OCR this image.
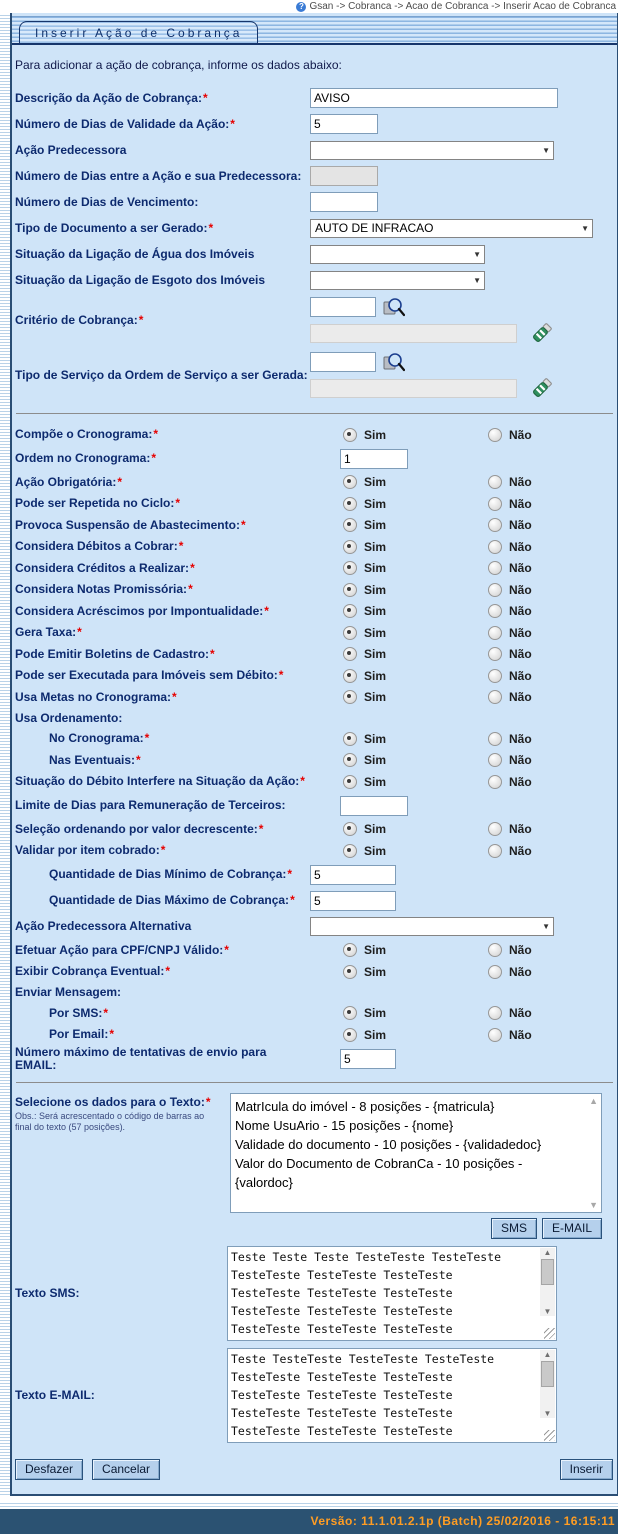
? Gsan -> Cobranca -> Acao de Cobranca -> Inserir Acao de Cobranca
Inserir Ação de Cobrança
Para adicionar a ação de cobrança, informe os dados abaixo:
Descrição da Ação de Cobrança:*
AVISO
Número de Dias de Validade da Ação:*
5
Ação Predecessora	▼
Número de Dias entre a Ação e sua Predecessora:
Número de Dias de Vencimento:
Tipo de Documento a ser Gerado:*	AUTO DE INFRACAO	▼
Situação da Ligação de Água dos Imóveis	▼
Situação da Ligação de Esgoto dos Imóveis	▼
Critério de Cobrança:*
Tipo de Serviço da Ordem de Serviço a ser Gerada:
Compõe o Cronograma:*	Sim	Não
Ordem no Cronograma:*
1
Ação Obrigatória:*	Sim	Não
Pode ser Repetida no Ciclo:*	Sim	Não
Provoca Suspensão de Abastecimento:*	Sim	Não
Considera Débitos a Cobrar:*	Sim	Não
Considera Créditos a Realizar:*	Sim	Não
Considera Notas Promissória:*	Sim	Não
Considera Acréscimos por Impontualidade:*	Sim	Não
Gera Taxa:*	Sim	Não
Pode Emitir Boletins de Cadastro:*	Sim	Não
Pode ser Executada para Imóveis sem Débito:*	Sim	Não
Usa Metas no Cronograma:*	Sim	Não
Usa Ordenamento:
No Cronograma:*	Sim	Não
Nas Eventuais:*	Sim	Não
Situação do Débito Interfere na Situação da Ação:*	Sim	Não
Limite de Dias para Remuneração de Terceiros:
Seleção ordenando por valor decrescente:*	Sim	Não
Validar por item cobrado:*	Sim	Não
Quantidade de Dias Mínimo de Cobrança:*
5
Quantidade de Dias Máximo de Cobrança:*
5
Ação Predecessora Alternativa	▼
Efetuar Ação para CPF/CNPJ Válido:*	Sim	Não
Exibir Cobrança Eventual:*	Sim	Não
Enviar Mensagem:
Por SMS:*	Sim	Não
Por Email:*	Sim	Não
Número máximo de tentativas de envio para EMAIL:
5
Selecione os dados para o Texto:*
Obs.: Será acrescentado o código de barras ao final do texto (57 posições).
MatrIcula do imóvel - 8 posições - {matricula}
Nome UsuArio - 15 posições - {nome}
Validade do documento - 10 posições - {validadedoc}
Valor do Documento de CobranCa - 10 posições - {valordoc}
▲
▼
SMS	E-MAIL
Texto SMS:
Teste Teste Teste TesteTeste TesteTeste TesteTeste TesteTeste TesteTeste TesteTeste TesteTeste TesteTeste TesteTeste TesteTeste TesteTeste TesteTeste TesteTeste TesteTeste
▲
▼
Texto E-MAIL:
Teste TesteTeste TesteTeste TesteTeste TesteTeste TesteTeste TesteTeste TesteTeste TesteTeste TesteTeste TesteTeste TesteTeste TesteTeste TesteTeste TesteTeste TesteTeste
▲
▼
Desfazer	Cancelar	Inserir
Versão: 11.1.01.2.1p (Batch) 25/02/2016 - 16:15:11
